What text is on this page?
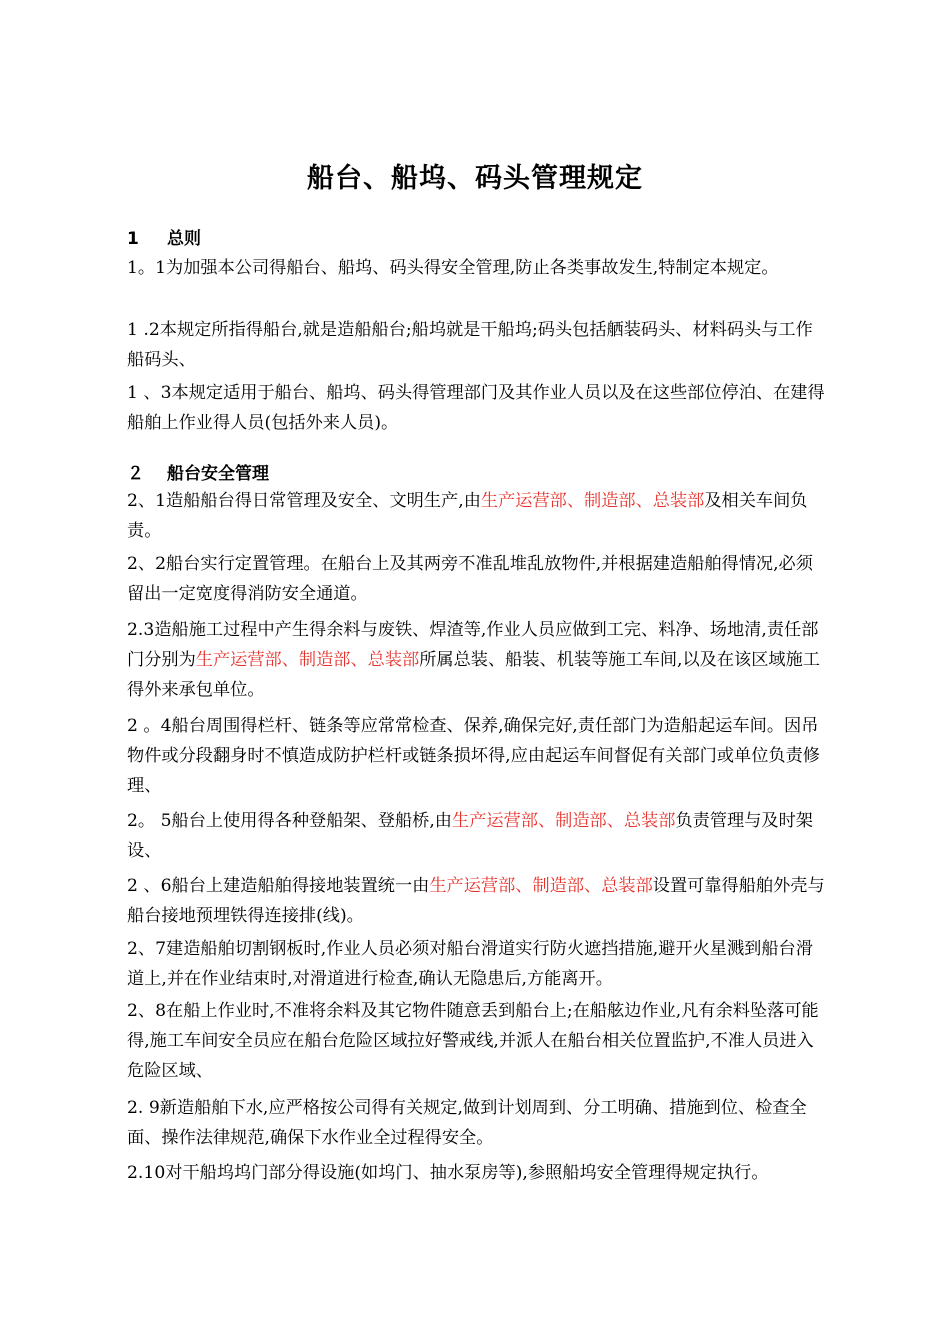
船台、船坞、码头管理规定
1 总则
1。1为加强本公司得船台、船坞、码头得安全管理,防止各类事故发生,特制定本规定。
1 .2本规定所指得船台,就是造船船台;船坞就是干船坞;码头包括舾装码头、材料码头与工作船码头、
1 、3本规定适用于船台、船坞、码头得管理部门及其作业人员以及在这些部位停泊、在建得船舶上作业得人员(包括外来人员)。
２ 船台安全管理
2、1造船船台得日常管理及安全、文明生产,由生产运营部、制造部、总装部及相关车间负责。
2、2船台实行定置管理。在船台上及其两旁不准乱堆乱放物件,并根据建造船舶得情况,必须留出一定宽度得消防安全通道。
2.3造船施工过程中产生得余料与废铁、焊渣等,作业人员应做到工完、料净、场地清,责任部门分别为生产运营部、制造部、总装部所属总装、船装、机装等施工车间,以及在该区域施工得外来承包单位。
2 。4船台周围得栏杆、链条等应常常检查、保养,确保完好,责任部门为造船起运车间。因吊物件或分段翻身时不慎造成防护栏杆或链条损坏得,应由起运车间督促有关部门或单位负责修理、
2。 5船台上使用得各种登船架、登船桥,由生产运营部、制造部、总装部负责管理与及时架设、
2 、6船台上建造船舶得接地装置统一由生产运营部、制造部、总装部设置可靠得船舶外壳与船台接地预埋铁得连接排(线)。
2、7建造船舶切割钢板时,作业人员必须对船台滑道实行防火遮挡措施,避开火星溅到船台滑道上,并在作业结束时,对滑道进行检查,确认无隐患后,方能离开。
2、8在船上作业时,不准将余料及其它物件随意丢到船台上;在船舷边作业,凡有余料坠落可能得,施工车间安全员应在船台危险区域拉好警戒线,并派人在船台相关位置监护,不准人员进入危险区域、
2. 9新造船舶下水,应严格按公司得有关规定,做到计划周到、分工明确、措施到位、检查全面、操作法律规范,确保下水作业全过程得安全。
2.10对干船坞坞门部分得设施(如坞门、抽水泵房等),参照船坞安全管理得规定执行。
